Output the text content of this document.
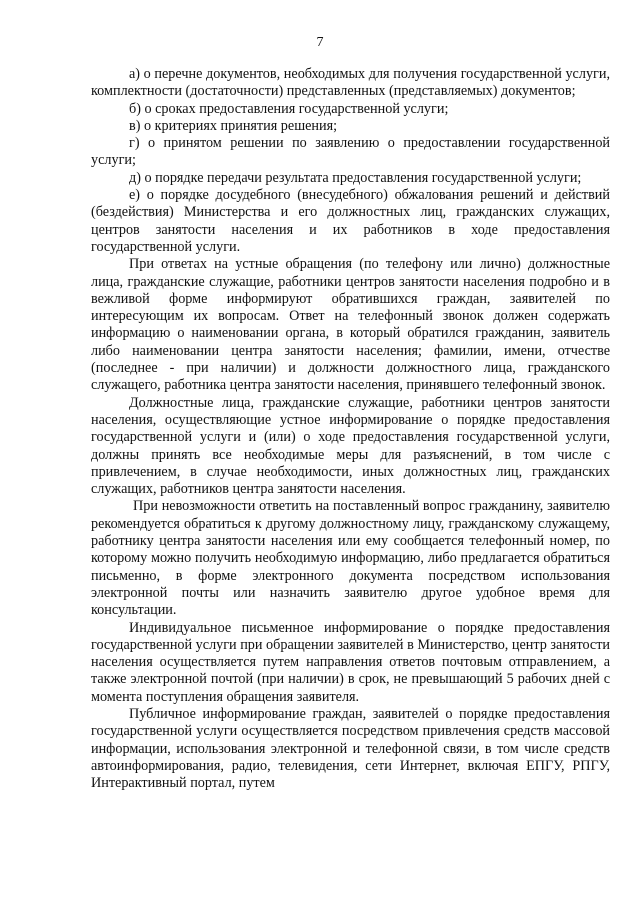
7

а) о перечне документов, необходимых для получения государственной услуги, комплектности (достаточности) представленных (представляемых) документов;

б) о сроках предоставления государственной услуги;

в) о критериях принятия решения;

г) о принятом решении по заявлению о предоставлении государственной услуги;

д) о порядке передачи результата предоставления государственной услуги;

е) о порядке досудебного (внесудебного) обжалования решений и действий (бездействия) Министерства и его должностных лиц, гражданских служащих, центров занятости населения и их работников в ходе предоставления государственной услуги.

При ответах на устные обращения (по телефону или лично) должностные лица, гражданские служащие, работники центров занятости населения подробно и в вежливой форме информируют обратившихся граждан, заявителей по интересующим их вопросам. Ответ на телефонный звонок должен содержать информацию о наименовании органа, в который обратился гражданин, заявитель либо наименовании центра занятости населения; фамилии, имени, отчестве (последнее - при наличии) и должности должностного лица, гражданского служащего, работника центра занятости населения, принявшего телефонный звонок.

Должностные лица, гражданские служащие, работники центров занятости населения, осуществляющие устное информирование о порядке предоставления государственной услуги и (или) о ходе предоставления государственной услуги, должны принять все необходимые меры для разъяснений, в том числе с привлечением, в случае необходимости, иных должностных лиц, гражданских служащих, работников центра занятости населения.

При невозможности ответить на поставленный вопрос гражданину, заявителю рекомендуется обратиться к другому должностному лицу, гражданскому служащему, работнику центра занятости населения или ему сообщается телефонный номер, по которому можно получить необходимую информацию, либо предлагается обратиться письменно, в форме электронного документа посредством использования электронной почты или назначить заявителю другое удобное время для консультации.

Индивидуальное письменное информирование о порядке предоставления государственной услуги при обращении заявителей в Министерство, центр занятости населения осуществляется путем направления ответов почтовым отправлением, а также электронной почтой (при наличии) в срок, не превышающий 5 рабочих дней с момента поступления обращения заявителя.

Публичное информирование граждан, заявителей о порядке предоставления государственной услуги осуществляется посредством привлечения средств массовой информации, использования электронной и телефонной связи, в том числе средств автоинформирования, радио, телевидения, сети Интернет, включая ЕПГУ, РПГУ, Интерактивный портал, путем
